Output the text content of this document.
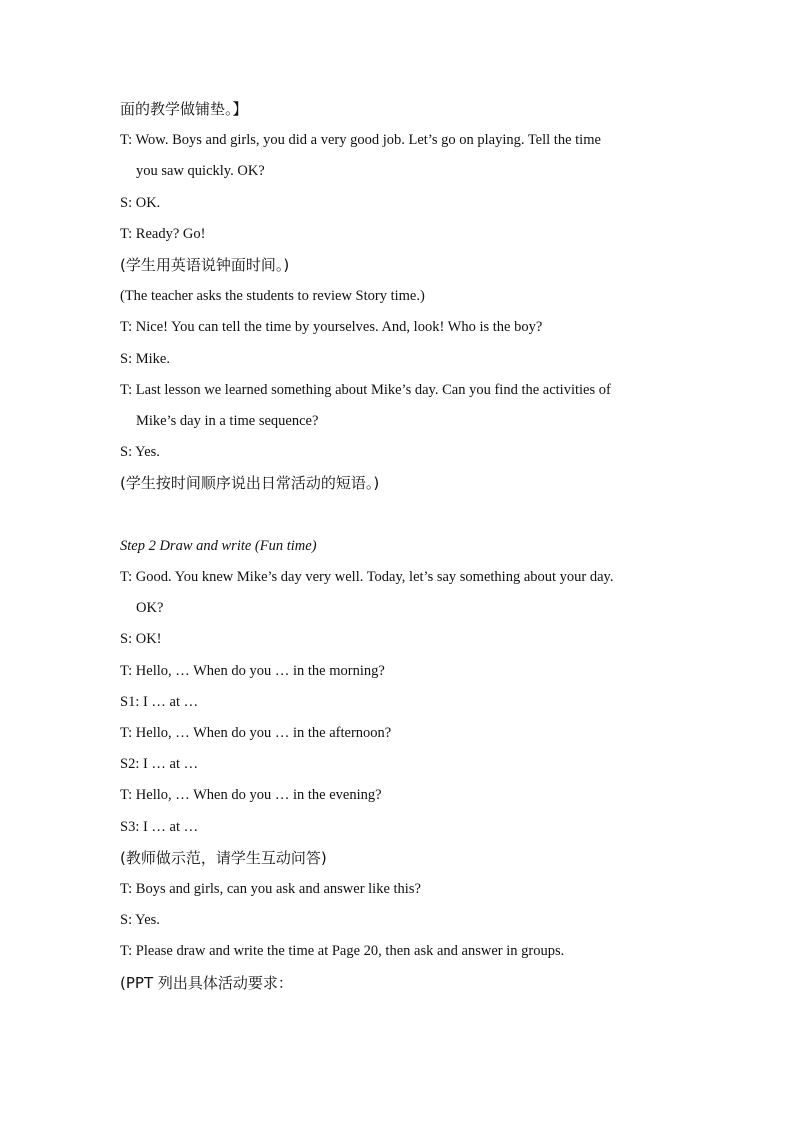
面的教学做铺垫。】
T: Wow. Boys and girls, you did a very good job. Let’s go on playing. Tell the time
you saw quickly. OK?
S: OK.
T: Ready? Go!
(学生用英语说钟面时间。)
(The teacher asks the students to review Story time.)
T: Nice! You can tell the time by yourselves. And, look! Who is the boy?
S: Mike.
T: Last lesson we learned something about Mike’s day. Can you find the activities of
Mike’s day in a time sequence?
S: Yes.
(学生按时间顺序说出日常活动的短语。)
Step 2 Draw and write (Fun time)
T: Good. You knew Mike’s day very well. Today, let’s say something about your day.
OK?
S: OK!
T: Hello, … When do you … in the morning?
S1: I … at …
T: Hello, … When do you … in the afternoon?
S2: I … at …
T: Hello, … When do you … in the evening?
S3: I … at …
(教师做示范，请学生互动问答)
T: Boys and girls, can you ask and answer like this?
S: Yes.
T: Please draw and write the time at Page 20, then ask and answer in groups.
(PPT 列出具体活动要求：
